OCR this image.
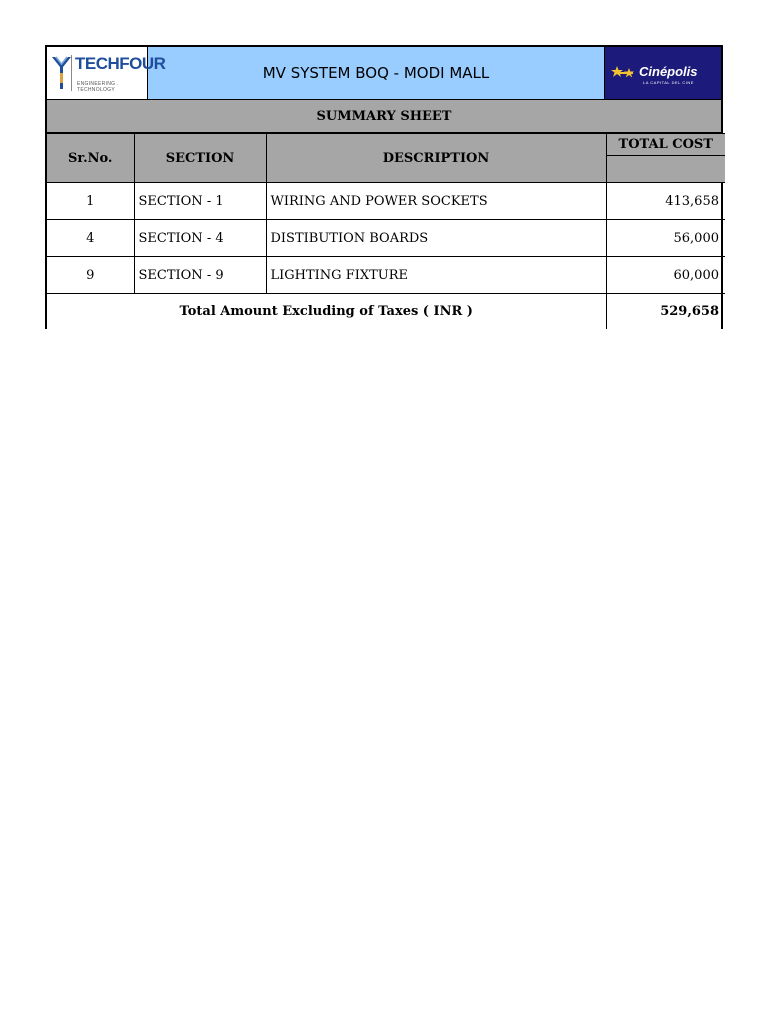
TECHFOUR
ENGINEERING . TECHNOLOGY
MV SYSTEM BOQ - MODI MALL	Cinépolis
LA CAPITAL DEL CINE
SUMMARY SHEET
Sr.No.	SECTION	DESCRIPTION	TOTAL COST

1	SECTION - 1	WIRING AND POWER SOCKETS	413,658
4	SECTION - 4	DISTIBUTION BOARDS	56,000
9	SECTION - 9	LIGHTING FIXTURE	60,000
Total Amount Excluding of Taxes ( INR )			529,658
